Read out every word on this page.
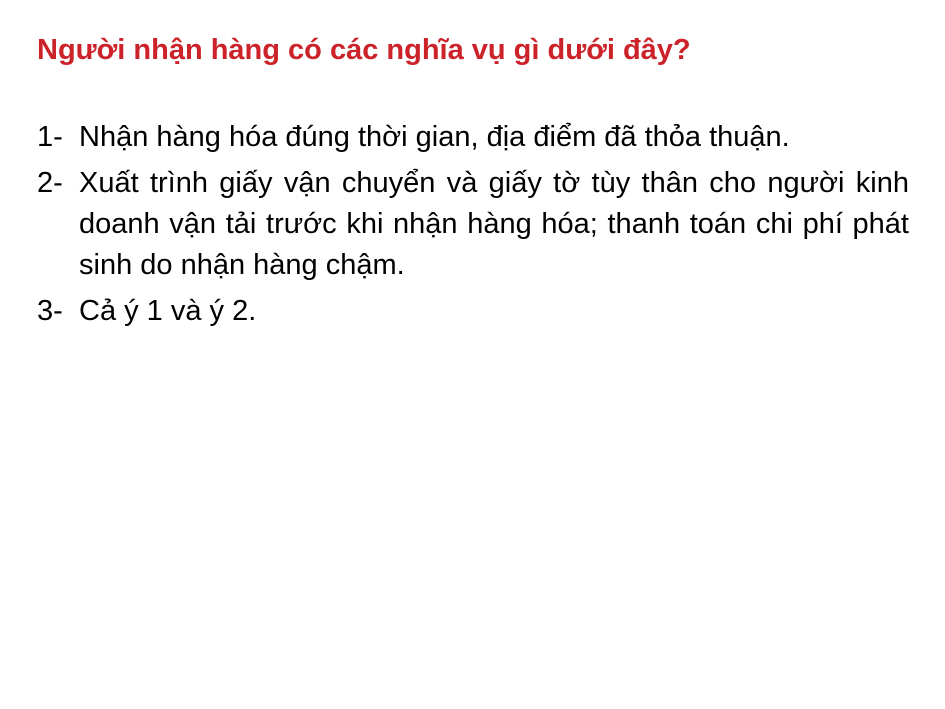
Người nhận hàng có các nghĩa vụ gì dưới đây?
1- Nhận hàng hóa đúng thời gian, địa điểm đã thỏa thuận.
2- Xuất trình giấy vận chuyển và giấy tờ tùy thân cho người kinh doanh vận tải trước khi nhận hàng hóa; thanh toán chi phí phát sinh do nhận hàng chậm.
3- Cả ý 1 và ý 2.
